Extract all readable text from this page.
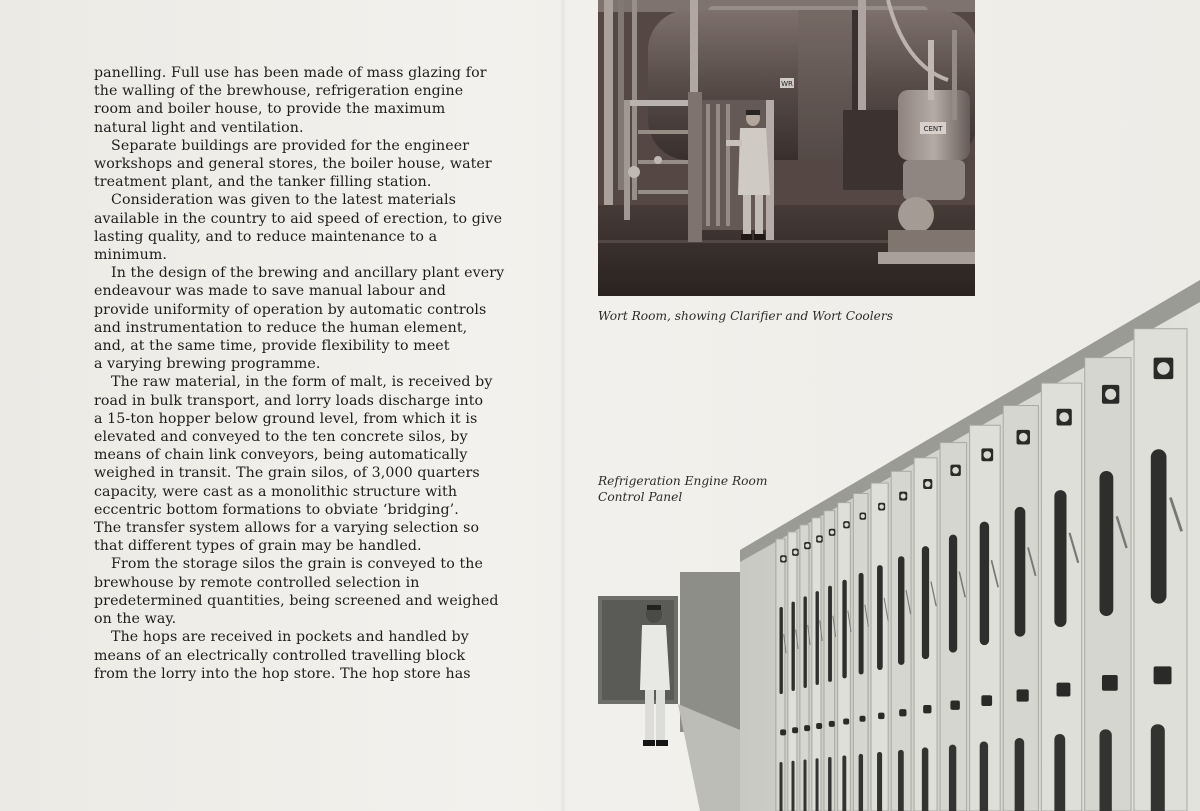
panelling. Full use has been made of mass glazing for
the walling of the brewhouse, refrigeration engine
room and boiler house, to provide the maximum
natural light and ventilation.
Separate buildings are provided for the engineer
workshops and general stores, the boiler house, water
treatment plant, and the tanker filling station.
Consideration was given to the latest materials
available in the country to aid speed of erection, to give
lasting quality, and to reduce maintenance to a
minimum.
In the design of the brewing and ancillary plant every
endeavour was made to save manual labour and
provide uniformity of operation by automatic controls
and instrumentation to reduce the human element,
and, at the same time, provide flexibility to meet
a varying brewing programme.
The raw material, in the form of malt, is received by
road in bulk transport, and lorry loads discharge into
a 15-ton hopper below ground level, from which it is
elevated and conveyed to the ten concrete silos, by
means of chain link conveyors, being automatically
weighed in transit. The grain silos, of 3,000 quarters
capacity, were cast as a monolithic structure with
eccentric bottom formations to obviate ‘bridging’.
The transfer system allows for a varying selection so
that different types of grain may be handled.
From the storage silos the grain is conveyed to the
brewhouse by remote controlled selection in
predetermined quantities, being screened and weighed
on the way.
The hops are received in pockets and handled by
means of an electrically controlled travelling block
from the lorry into the hop store. The hop store has
WR
CENT
Wort Room, showing Clarifier and Wort Coolers
Refrigeration Engine Room
Control Panel
